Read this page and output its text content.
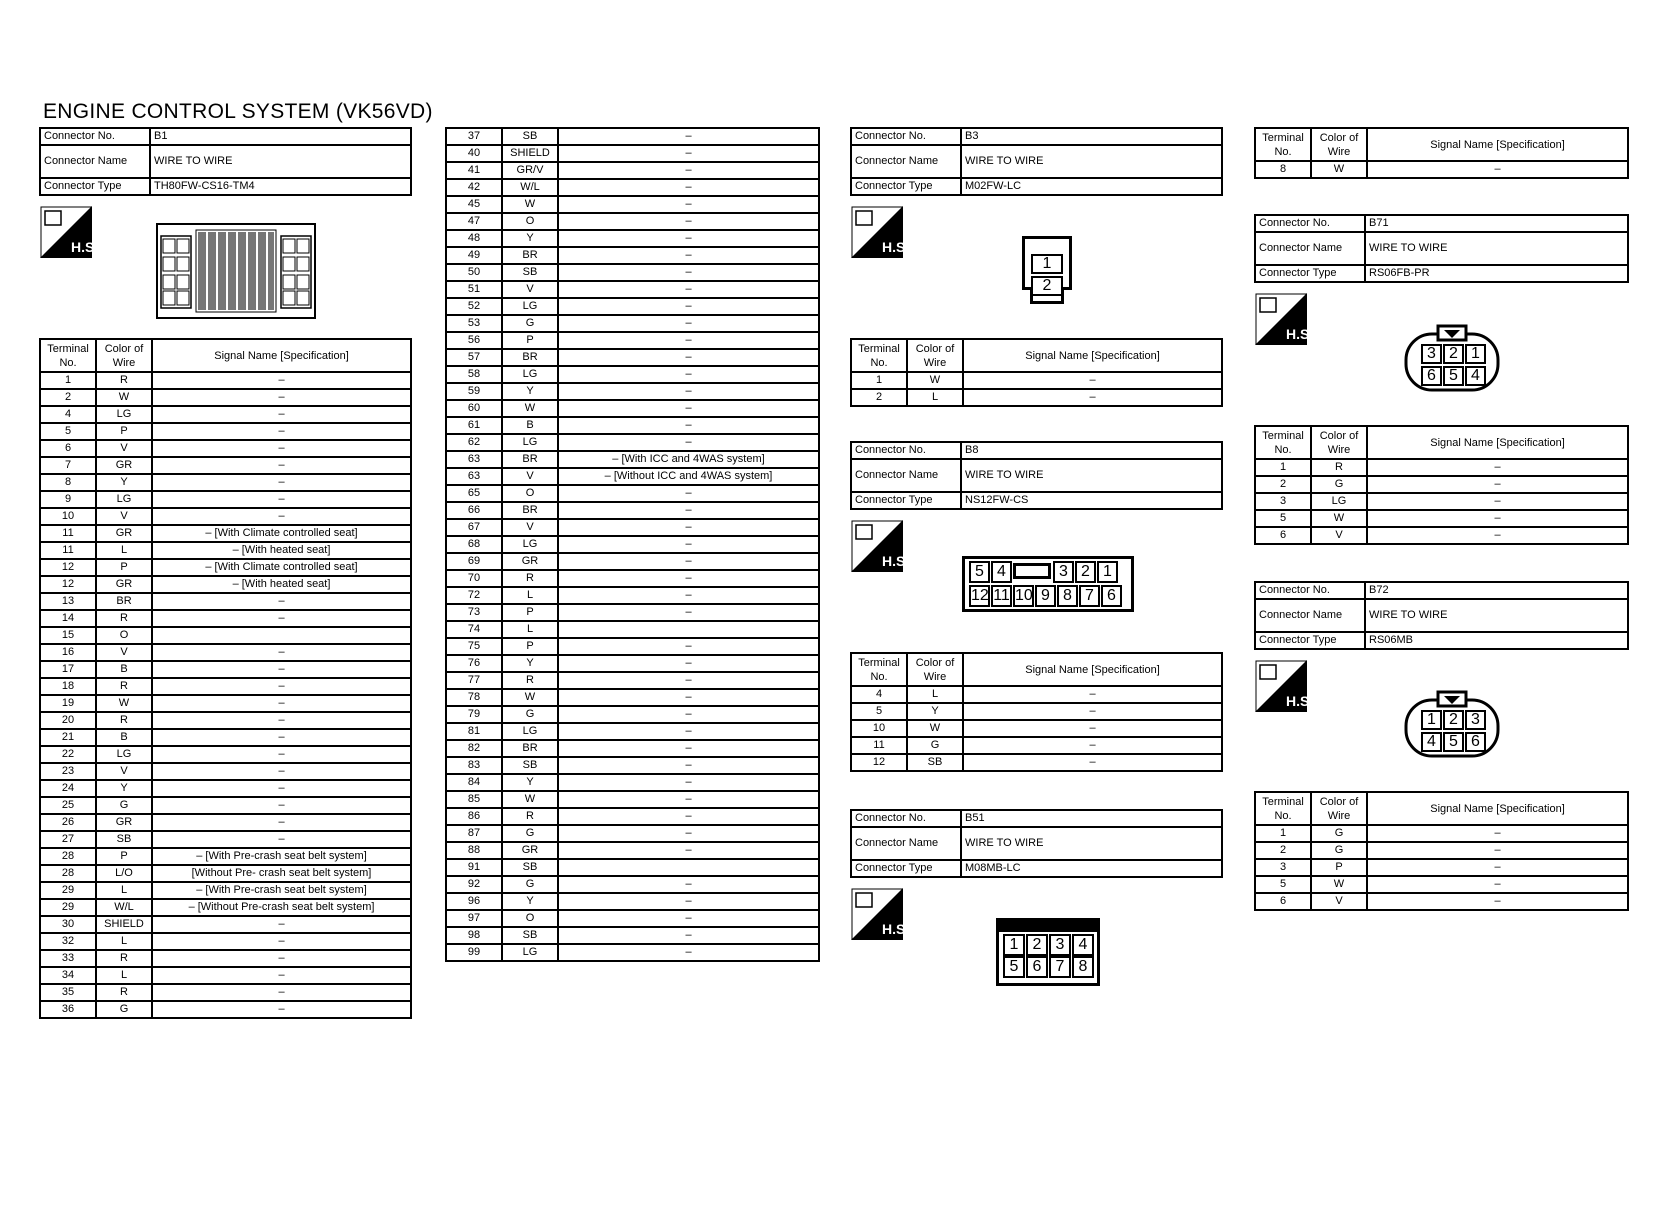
ENGINE CONTROL SYSTEM (VK56VD)
Connector No.	B1
Connector Name	WIRE TO WIRE
Connector Type	TH80FW-CS16-TM4
H.S.
Terminal No.	Color of Wire	Signal Name [Specification]
1	R	–
2	W	–
4	LG	–
5	P	–
6	V	–
7	GR	–
8	Y	–
9	LG	–
10	V	–
11	GR	– [With Climate controlled seat]
11	L	– [With heated seat]
12	P	– [With Climate controlled seat]
12	GR	– [With heated seat]
13	BR	–
14	R	–
15	O	
16	V	–
17	B	–
18	R	–
19	W	–
20	R	–
21	B	–
22	LG	–
23	V	–
24	Y	–
25	G	–
26	GR	–
27	SB	–
28	P	– [With Pre-crash seat belt system]
28	L/O	[Without Pre- crash seat belt system]
29	L	– [With Pre-crash seat belt system]
29	W/L	– [Without Pre-crash seat belt system]
30	SHIELD	–
32	L	–
33	R	–
34	L	–
35	R	–
36	G	–
37	SB	–
40	SHIELD	–
41	GR/V	–
42	W/L	–
45	W	–
47	O	–
48	Y	–
49	BR	–
50	SB	–
51	V	–
52	LG	–
53	G	–
56	P	–
57	BR	–
58	LG	–
59	Y	–
60	W	–
61	B	–
62	LG	–
63	BR	– [With ICC and 4WAS system]
63	V	– [Without ICC and 4WAS system]
65	O	–
66	BR	–
67	V	–
68	LG	–
69	GR	–
70	R	–
72	L	–
73	P	–
74	L	
75	P	–
76	Y	–
77	R	–
78	W	–
79	G	–
81	LG	–
82	BR	–
83	SB	–
84	Y	–
85	W	–
86	R	–
87	G	–
88	GR	–
91	SB	
92	G	–
96	Y	–
97	O	–
98	SB	–
99	LG	–
Connector No.	B3
Connector Name	WIRE TO WIRE
Connector Type	M02FW-LC
H.S.
1
2
Terminal No.	Color of Wire	Signal Name [Specification]
1	W	–
2	L	–
Connector No.	B8
Connector Name	WIRE TO WIRE
Connector Type	NS12FW-CS
H.S.
5 4	3 2 1
12 11 10 9 8 7 6
Terminal No.	Color of Wire	Signal Name [Specification]
4	L	–
5	Y	–
10	W	–
11	G	–
12	SB	–
Connector No.	B51
Connector Name	WIRE TO WIRE
Connector Type	M08MB-LC
H.S.
1 2 3 4
5 6 7 8
Terminal No.	Color of Wire	Signal Name [Specification]
8	W	–
Connector No.	B71
Connector Name	WIRE TO WIRE
Connector Type	RS06FB-PR
H.S.
3 2 1
6 5 4
Terminal No.	Color of Wire	Signal Name [Specification]
1	R	–
2	G	–
3	LG	–
5	W	–
6	V	–
Connector No.	B72
Connector Name	WIRE TO WIRE
Connector Type	RS06MB
H.S.
1 2 3
4 5 6
Terminal No.	Color of Wire	Signal Name [Specification]
1	G	–
2	G	–
3	P	–
5	W	–
6	V	–
